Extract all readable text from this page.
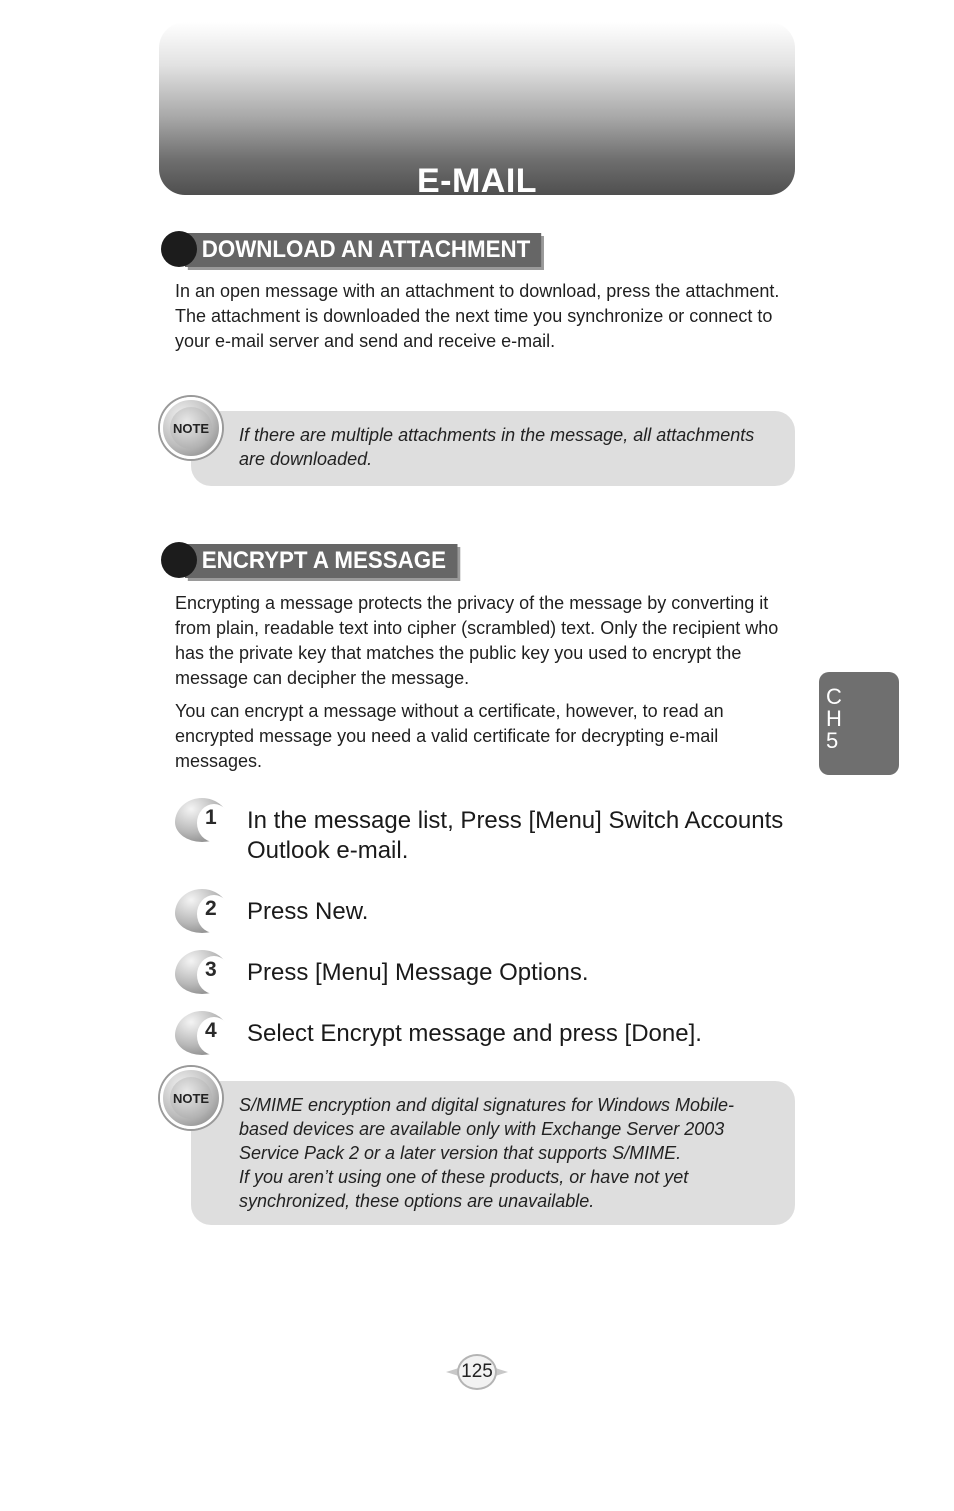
E-MAIL
DOWNLOAD AN ATTACHMENT

In an open message with an attachment to download, press the attachment. The attachment is downloaded the next time you synchronize or connect to your e-mail server and send and receive e-mail.

NOTE If there are multiple attachments in the message, all attachments are downloaded.
ENCRYPT A MESSAGE

Encrypting a message protects the privacy of the message by converting it from plain, readable text into cipher (scrambled) text. Only the recipient who has the private key that matches the public key you used to encrypt the message can decipher the message.

You can encrypt a message without a certificate, however, to read an encrypted message you need a valid certificate for decrypting e-mail messages.

1 In the message list, Press [Menu] Switch Accounts Outlook e-mail.
2 Press New.
3 Press [Menu] Message Options.
4 Select Encrypt message and press [Done].
NOTE S/MIME encryption and digital signatures for Windows Mobile-based devices are available only with Exchange Server 2003 Service Pack 2 or a later version that supports S/MIME.
If you aren’t using one of these products, or have not yet synchronized, these options are unavailable.
C
H
5
125
